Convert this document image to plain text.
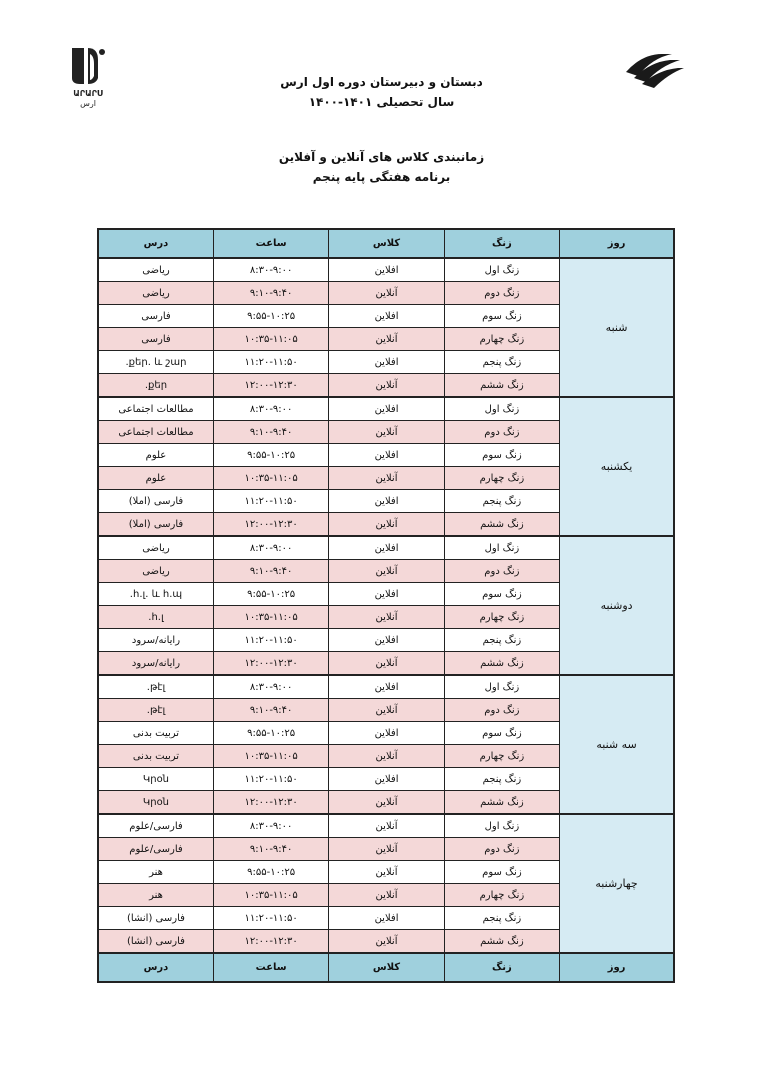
ԱՐԱՐՍ
ارس
دبستان و دبیرستان دوره اول ارس
سال تحصیلی ۱۴۰۱-۱۴۰۰
زمانبندی کلاس های آنلاین و آفلاین
برنامه هفتگی پایه پنجم
روز	زنگ	کلاس	ساعت	درس
شنبه	زنگ اول	افلاین	۸:۳۰-۹:۰۰	ریاضی
	زنگ دوم	آنلاین	۹:۱۰-۹:۴۰	ریاضی
	زنگ سوم	افلاین	۹:۵۵-۱۰:۲۵	فارسی
	زنگ چهارم	آنلاین	۱۰:۳۵-۱۱:۰۵	فارسی
	زنگ پنجم	افلاین	۱۱:۲۰-۱۱:۵۰	քեր. և շար.
	زنگ ششم	آنلاین	۱۲:۰۰-۱۲:۳۰	քեր.
یکشنبه	زنگ اول	افلاین	۸:۳۰-۹:۰۰	مطالعات اجتماعی
	زنگ دوم	آنلاین	۹:۱۰-۹:۴۰	مطالعات اجتماعی
	زنگ سوم	افلاین	۹:۵۵-۱۰:۲۵	علوم
	زنگ چهارم	آنلاین	۱۰:۳۵-۱۱:۰۵	علوم
	زنگ پنجم	افلاین	۱۱:۲۰-۱۱:۵۰	فارسی (املا)
	زنگ ششم	آنلاین	۱۲:۰۰-۱۲:۳۰	فارسی (املا)
دوشنبه	زنگ اول	افلاین	۸:۳۰-۹:۰۰	ریاضی
	زنگ دوم	آنلاین	۹:۱۰-۹:۴۰	ریاضی
	زنگ سوم	افلاین	۹:۵۵-۱۰:۲۵	հ.լ. և հ.պ.
	زنگ چهارم	آنلاین	۱۰:۳۵-۱۱:۰۵	հ.լ.
	زنگ پنجم	افلاین	۱۱:۲۰-۱۱:۵۰	رایانه/سرود
	زنگ ششم	آنلاین	۱۲:۰۰-۱۲:۳۰	رایانه/سرود
سه شنبه	زنگ اول	افلاین	۸:۳۰-۹:۰۰	թէլ.
	زنگ دوم	آنلاین	۹:۱۰-۹:۴۰	թէլ.
	زنگ سوم	افلاین	۹:۵۵-۱۰:۲۵	تربیت بدنی
	زنگ چهارم	آنلاین	۱۰:۳۵-۱۱:۰۵	تربیت بدنی
	زنگ پنجم	افلاین	۱۱:۲۰-۱۱:۵۰	Կրօն
	زنگ ششم	آنلاین	۱۲:۰۰-۱۲:۳۰	Կրօն
چهارشنبه	زنگ اول	آنلاین	۸:۳۰-۹:۰۰	فارسی/علوم
	زنگ دوم	آنلاین	۹:۱۰-۹:۴۰	فارسی/علوم
	زنگ سوم	آنلاین	۹:۵۵-۱۰:۲۵	هنر
	زنگ چهارم	آنلاین	۱۰:۳۵-۱۱:۰۵	هنر
	زنگ پنجم	افلاین	۱۱:۲۰-۱۱:۵۰	فارسی (انشا)
	زنگ ششم	آنلاین	۱۲:۰۰-۱۲:۳۰	فارسی (انشا)
روز	زنگ	کلاس	ساعت	درس
